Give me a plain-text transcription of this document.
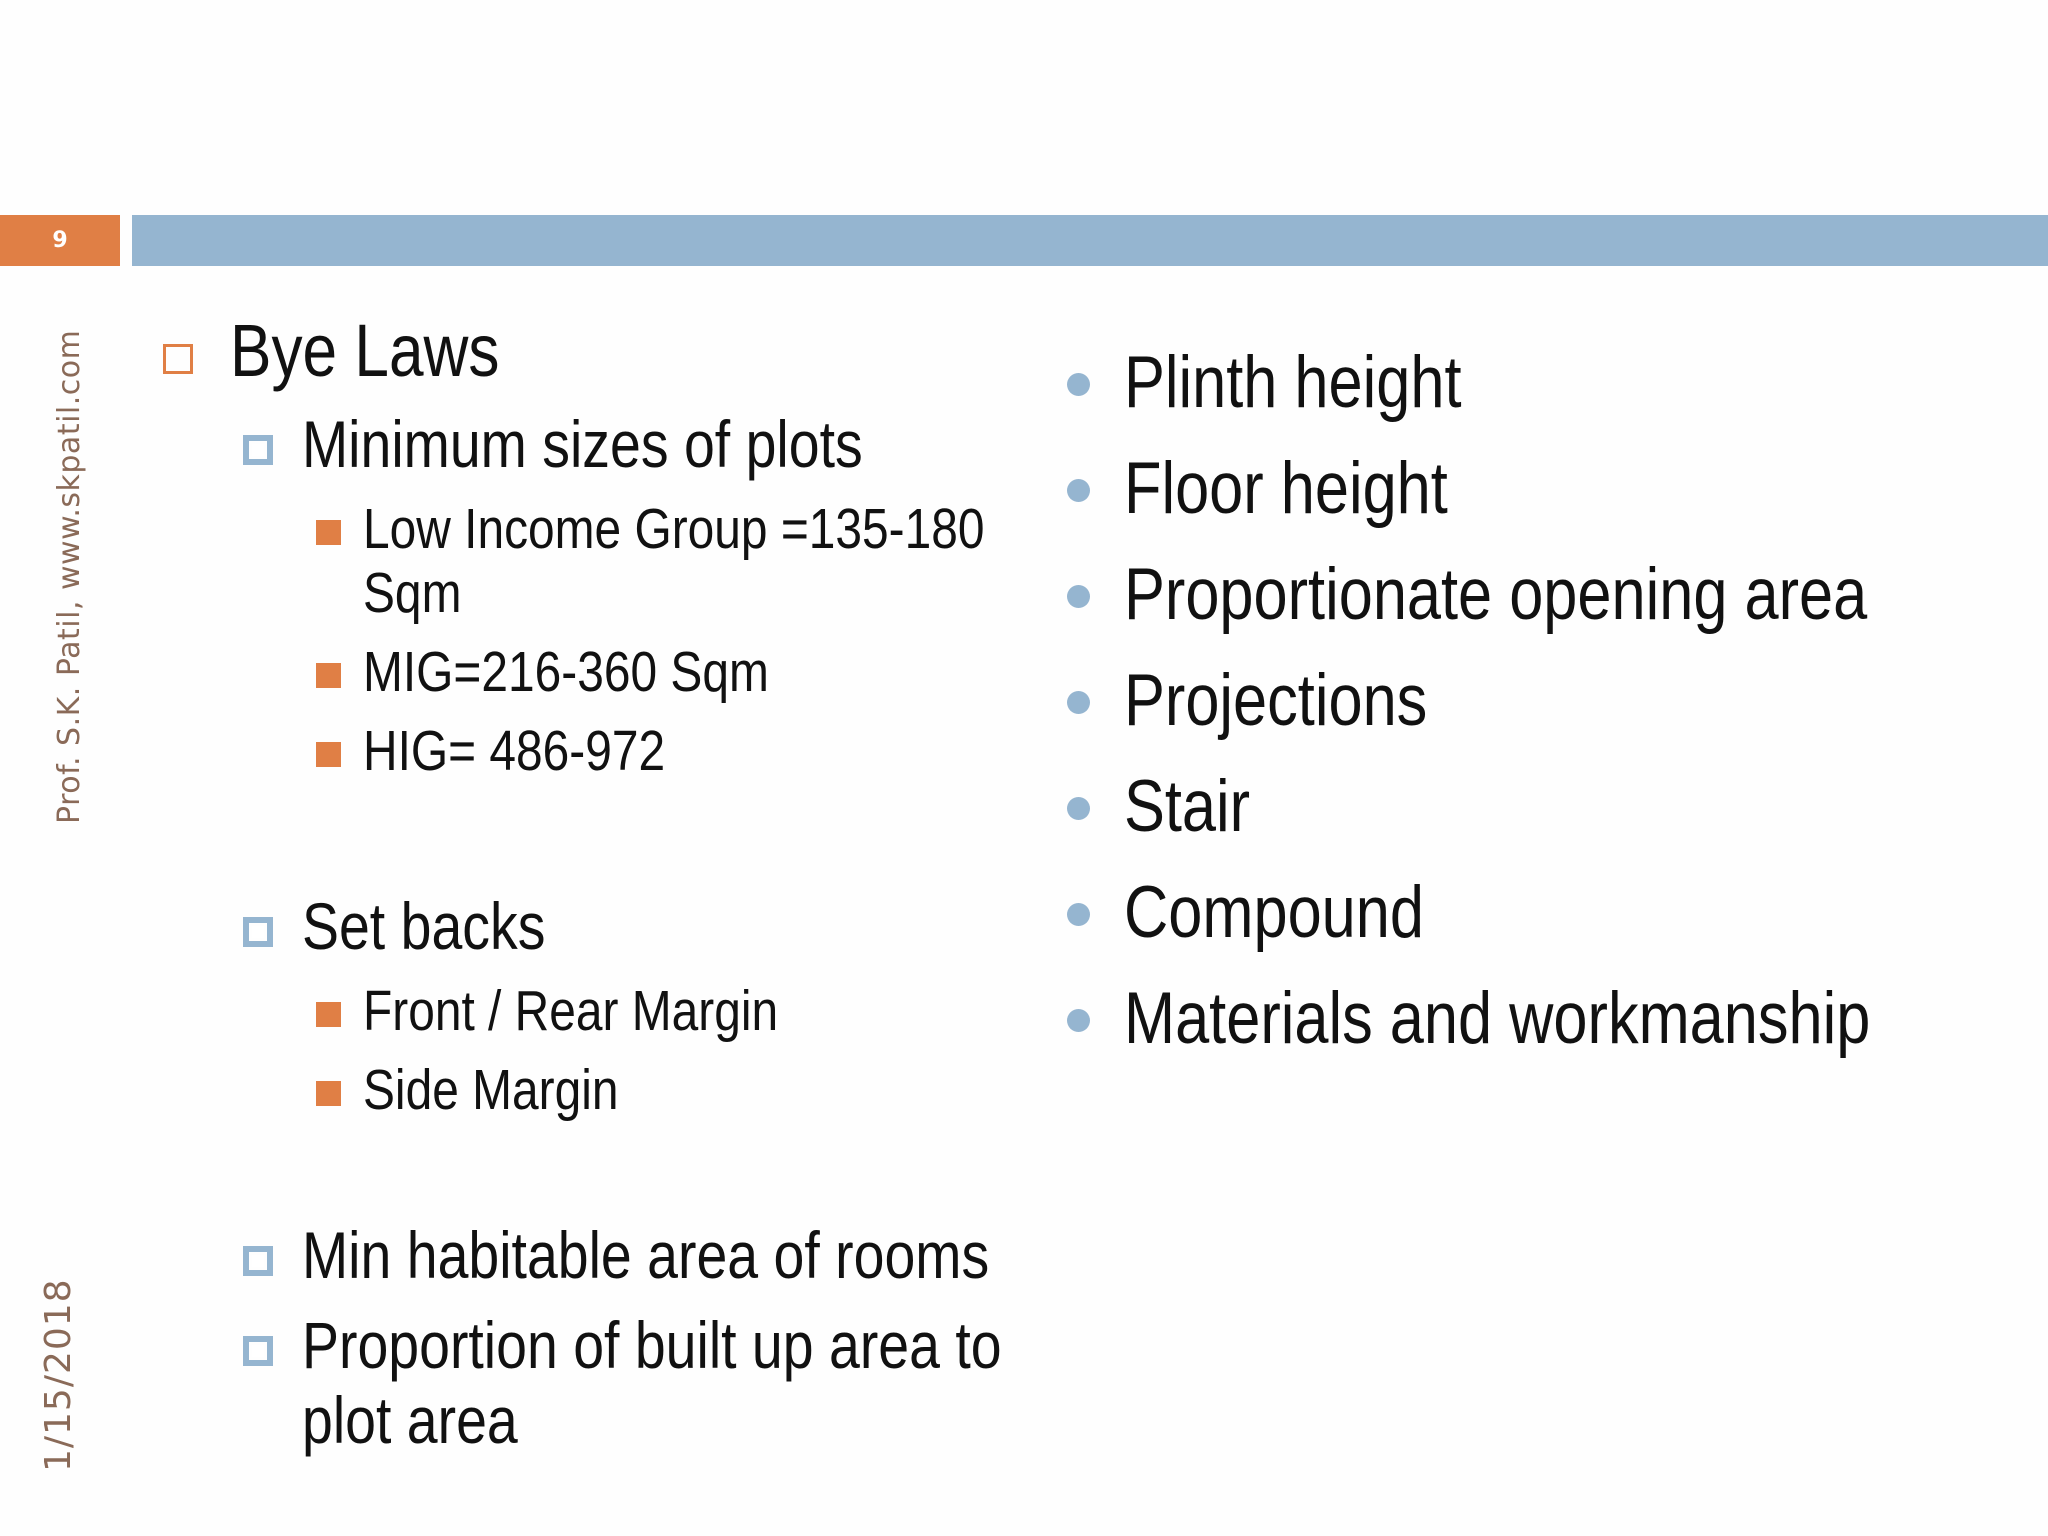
9
Prof. S.K. Patil, www.skpatil.com
1/15/2018
Bye Laws
Minimum sizes of plots
Low Income Group =135-180
Sqm
MIG=216-360 Sqm
HIG= 486-972
Set backs
Front / Rear Margin
Side Margin
Min habitable area of rooms
Proportion of built up area to
plot area
Plinth height
Floor height
Proportionate opening area
Projections
Stair
Compound
Materials and workmanship
